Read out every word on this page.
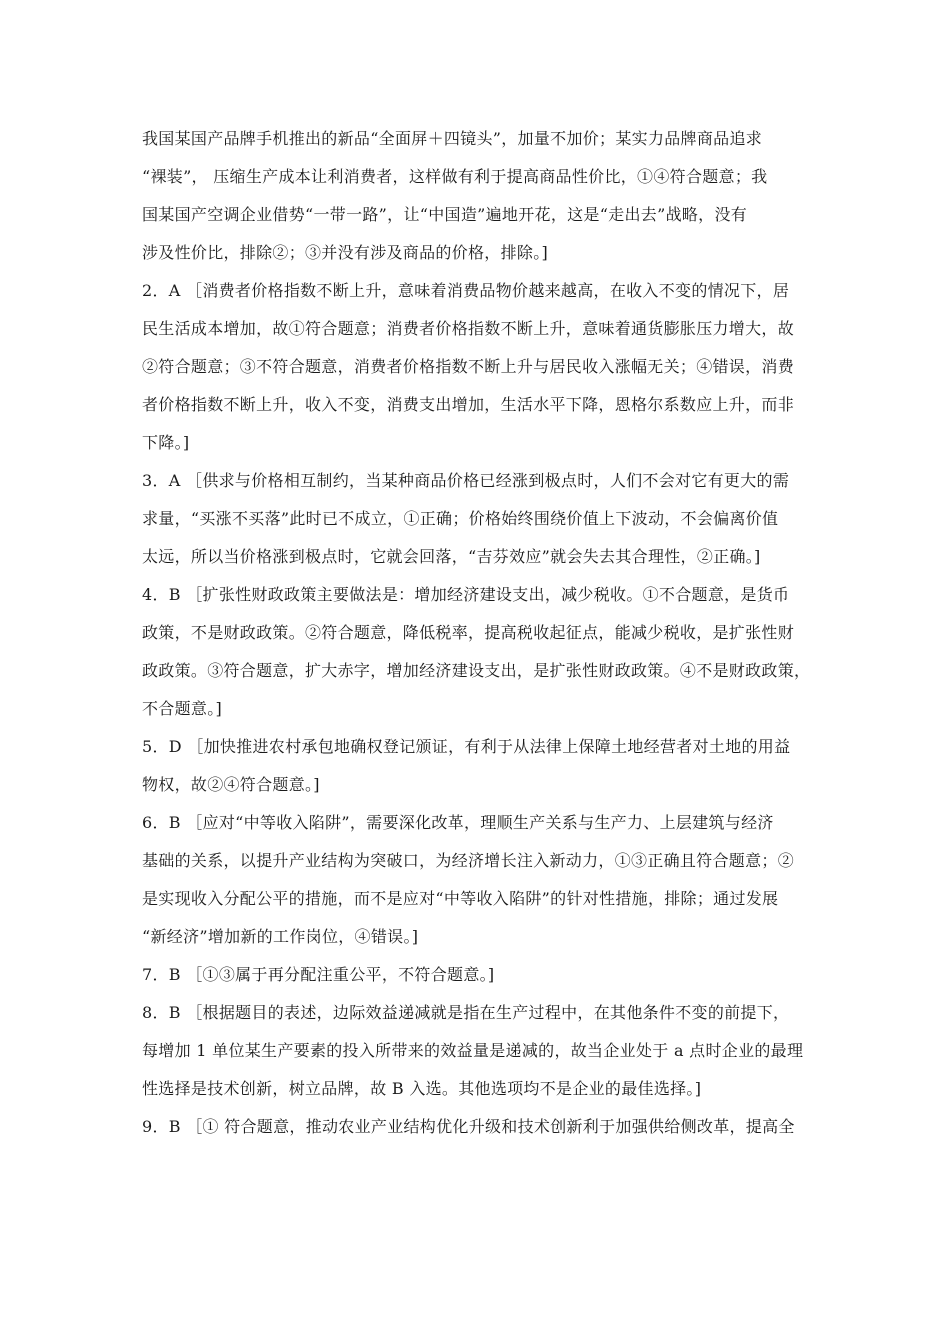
我国某国产品牌手机推出的新品“全面屏＋四镜头”，加量不加价；某实力品牌商品追求
“裸装”， 压缩生产成本让利消费者，这样做有利于提高商品性价比，①④符合题意；我
国某国产空调企业借势“一带一路”，让“中国造”遍地开花，这是“走出去”战略，没有
涉及性价比，排除②；③并没有涉及商品的价格，排除。]
2．A ［消费者价格指数不断上升，意味着消费品物价越来越高，在收入不变的情况下，居
民生活成本增加，故①符合题意；消费者价格指数不断上升，意味着通货膨胀压力增大，故
②符合题意；③不符合题意，消费者价格指数不断上升与居民收入涨幅无关；④错误，消费
者价格指数不断上升，收入不变，消费支出增加，生活水平下降，恩格尔系数应上升，而非
下降。]
3．A ［供求与价格相互制约，当某种商品价格已经涨到极点时，人们不会对它有更大的需
求量，“买涨不买落”此时已不成立，①正确；价格始终围绕价值上下波动，不会偏离价值
太远，所以当价格涨到极点时，它就会回落，“吉芬效应”就会失去其合理性，②正确。]
4．B ［扩张性财政政策主要做法是：增加经济建设支出，减少税收。①不合题意，是货币
政策，不是财政政策。②符合题意，降低税率，提高税收起征点，能减少税收，是扩张性财
政政策。③符合题意，扩大赤字，增加经济建设支出，是扩张性财政政策。④不是财政政策，
不合题意。]
5．D ［加快推进农村承包地确权登记颁证，有利于从法律上保障土地经营者对土地的用益
物权，故②④符合题意。]
6．B ［应对“中等收入陷阱”，需要深化改革，理顺生产关系与生产力、上层建筑与经济
基础的关系，以提升产业结构为突破口，为经济增长注入新动力，①③正确且符合题意；②
是实现收入分配公平的措施，而不是应对“中等收入陷阱”的针对性措施，排除；通过发展
“新经济”增加新的工作岗位，④错误。]
7．B ［①③属于再分配注重公平，不符合题意。]
8．B ［根据题目的表述，边际效益递减就是指在生产过程中，在其他条件不变的前提下，
每增加 1 单位某生产要素的投入所带来的效益量是递减的，故当企业处于 a 点时企业的最理
性选择是技术创新，树立品牌，故 B 入选。其他选项均不是企业的最佳选择。]
9．B ［① 符合题意，推动农业产业结构优化升级和技术创新利于加强供给侧改革，提高全
